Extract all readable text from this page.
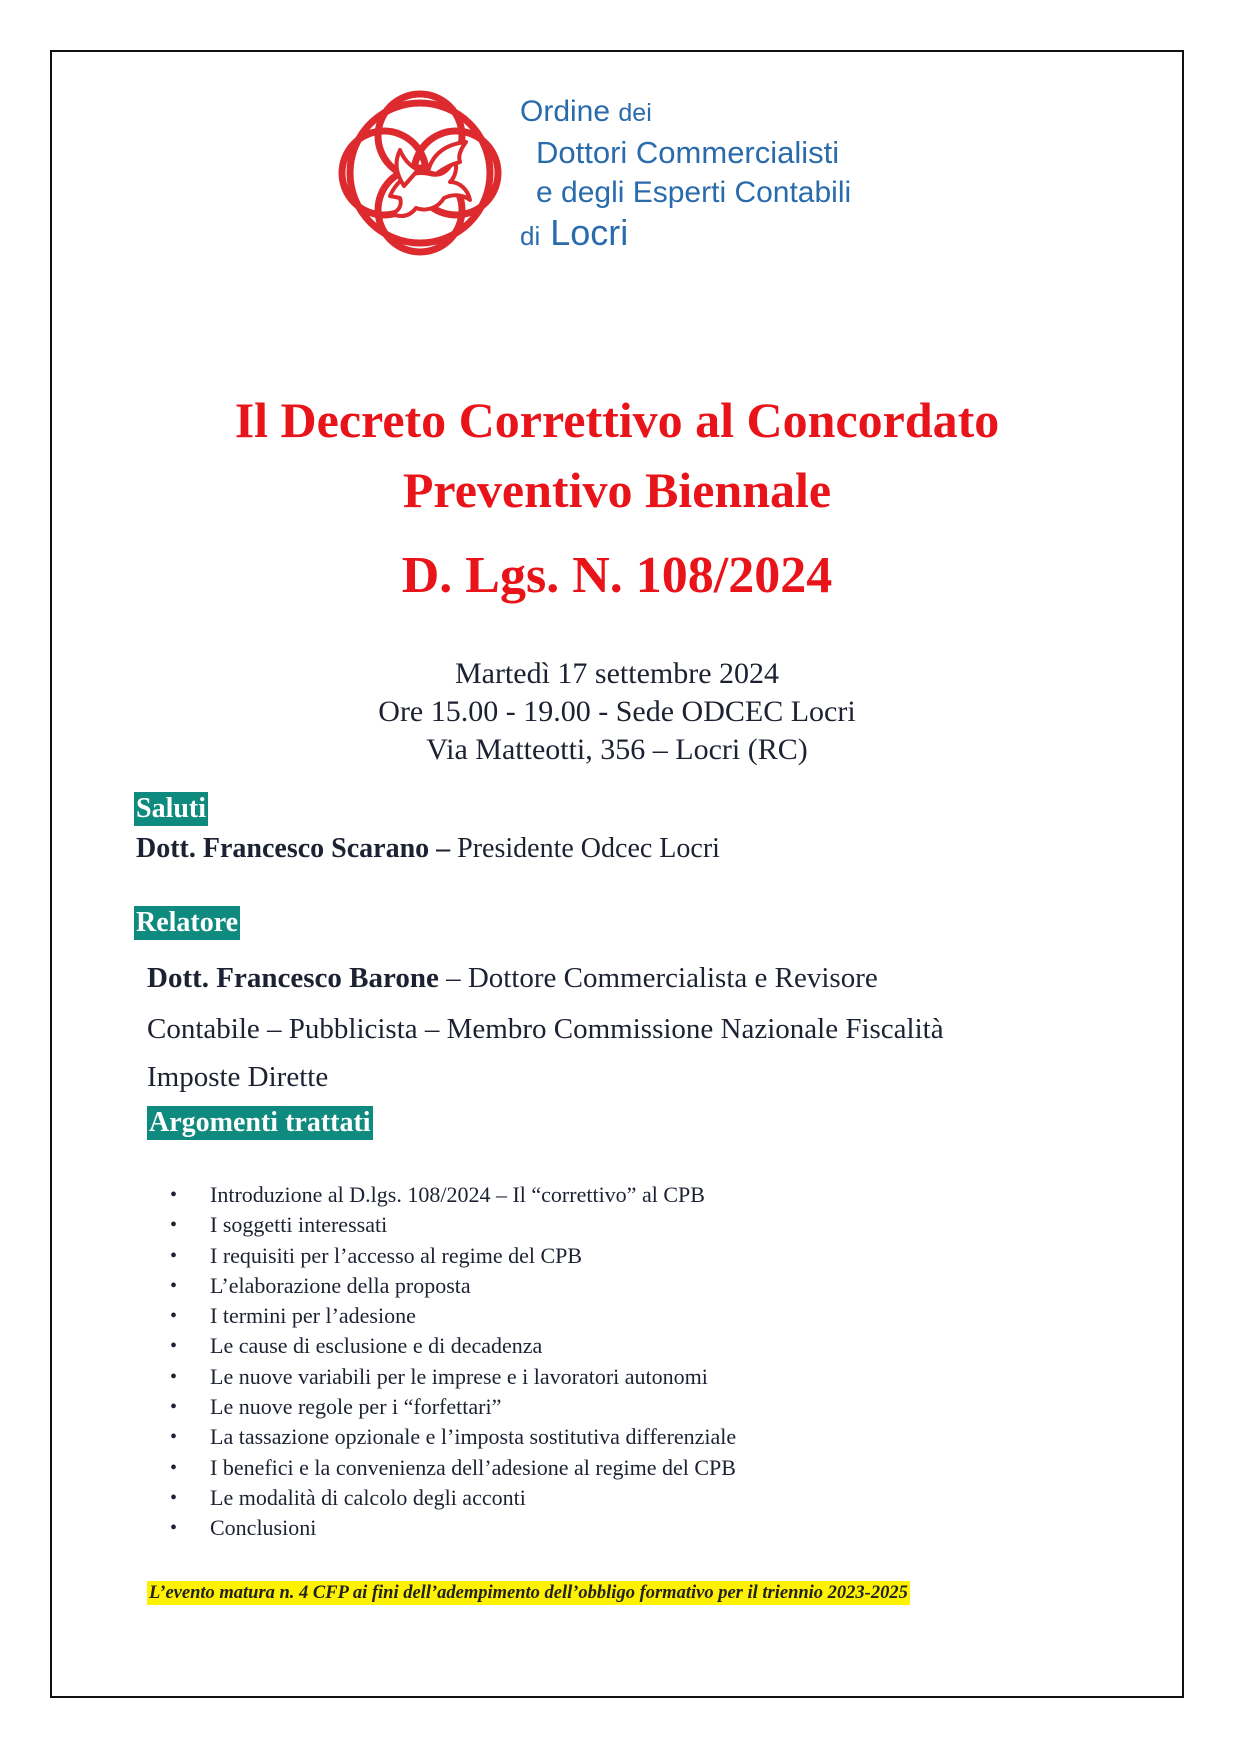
Ordine dei
Dottori Commercialisti
e degli Esperti Contabili
di Locri
Il Decreto Correttivo al Concordato
Preventivo Biennale
D. Lgs. N. 108/2024
Martedì 17 settembre 2024
Ore 15.00 - 19.00 - Sede ODCEC Locri
Via Matteotti, 356 – Locri (RC)
Saluti
Dott. Francesco Scarano – Presidente Odcec Locri
Relatore
Dott. Francesco Barone – Dottore Commercialista e Revisore
Contabile – Pubblicista – Membro Commissione Nazionale Fiscalità
Imposte Dirette
Argomenti trattati
• Introduzione al D.lgs. 108/2024 – Il “correttivo” al CPB
• I soggetti interessati
• I requisiti per l’accesso al regime del CPB
• L’elaborazione della proposta
• I termini per l’adesione
• Le cause di esclusione e di decadenza
• Le nuove variabili per le imprese e i lavoratori autonomi
• Le nuove regole per i “forfettari”
• La tassazione opzionale e l’imposta sostitutiva differenziale
• I benefici e la convenienza dell’adesione al regime del CPB
• Le modalità di calcolo degli acconti
• Conclusioni
L’evento matura n. 4 CFP ai fini dell’adempimento dell’obbligo formativo per il triennio 2023-2025
